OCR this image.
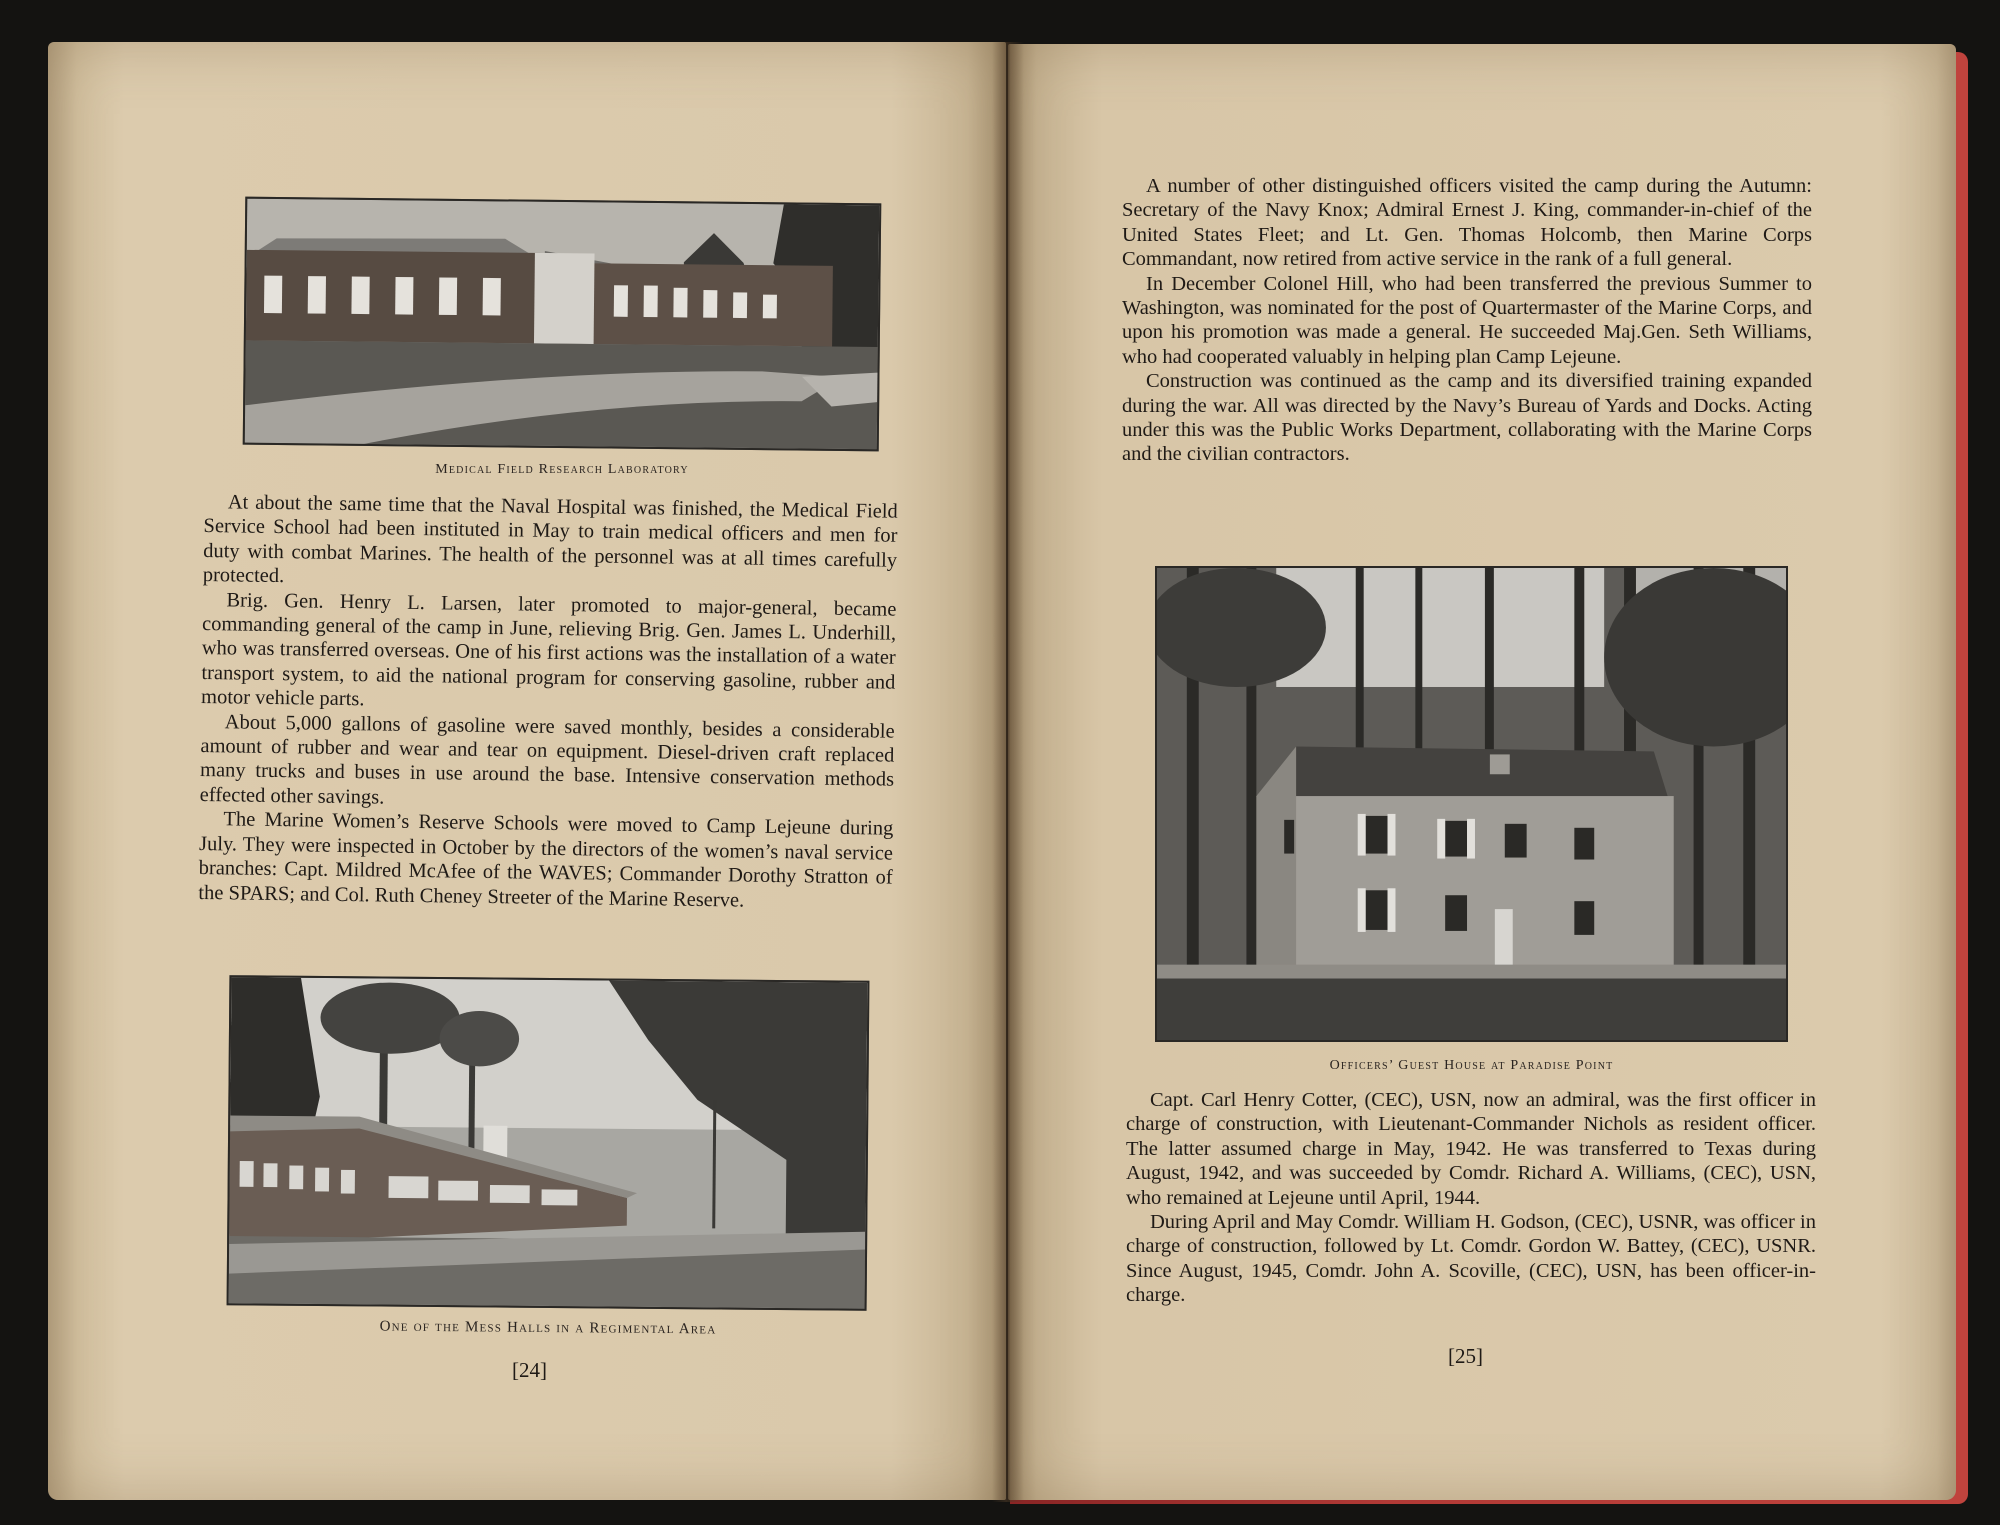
Medical Field Research Laboratory

At about the same time that the Naval Hospital was finished, the Medical Field Service School had been instituted in May to train medical officers and men for duty with combat Marines. The health of the personnel was at all times carefully protected.

Brig. Gen. Henry L. Larsen, later promoted to major-general, became commanding general of the camp in June, relieving Brig. Gen. James L. Underhill, who was transferred overseas. One of his first actions was the installation of a water transport system, to aid the national program for conserving gasoline, rubber and motor vehicle parts.

About 5,000 gallons of gasoline were saved monthly, besides a considerable amount of rubber and wear and tear on equipment. Diesel-driven craft replaced many trucks and buses in use around the base. Intensive conservation methods effected other savings.

The Marine Women’s Reserve Schools were moved to Camp Lejeune during July. They were inspected in October by the directors of the women’s naval service branches: Capt. Mildred McAfee of the WAVES; Commander Dorothy Stratton of the SPARS; and Col. Ruth Cheney Streeter of the Marine Reserve.

One of the Mess Halls in a Regimental Area
[24]

A number of other distinguished officers visited the camp during the Autumn: Secretary of the Navy Knox; Admiral Ernest J. King, commander-in-chief of the United States Fleet; and Lt. Gen. Thomas Holcomb, then Marine Corps Commandant, now retired from active service in the rank of a full general.

In December Colonel Hill, who had been transferred the previous Summer to Washington, was nominated for the post of Quartermaster of the Marine Corps, and upon his promotion was made a general. He succeeded Maj.Gen. Seth Williams, who had cooperated valuably in helping plan Camp Lejeune.

Construction was continued as the camp and its diversified training expanded during the war. All was directed by the Navy’s Bureau of Yards and Docks. Acting under this was the Public Works Department, collaborating with the Marine Corps and the civilian contractors.

Officers’ Guest House at Paradise Point

Capt. Carl Henry Cotter, (CEC), USN, now an admiral, was the first officer in charge of construction, with Lieutenant-Commander Nichols as resident officer. The latter assumed charge in May, 1942. He was transferred to Texas during August, 1942, and was succeeded by Comdr. Richard A. Williams, (CEC), USN, who remained at Lejeune until April, 1944.

During April and May Comdr. William H. Godson, (CEC), USNR, was officer in charge of construction, followed by Lt. Comdr. Gordon W. Battey, (CEC), USNR. Since August, 1945, Comdr. John A. Scoville, (CEC), USN, has been officer-in-charge.

[25]
